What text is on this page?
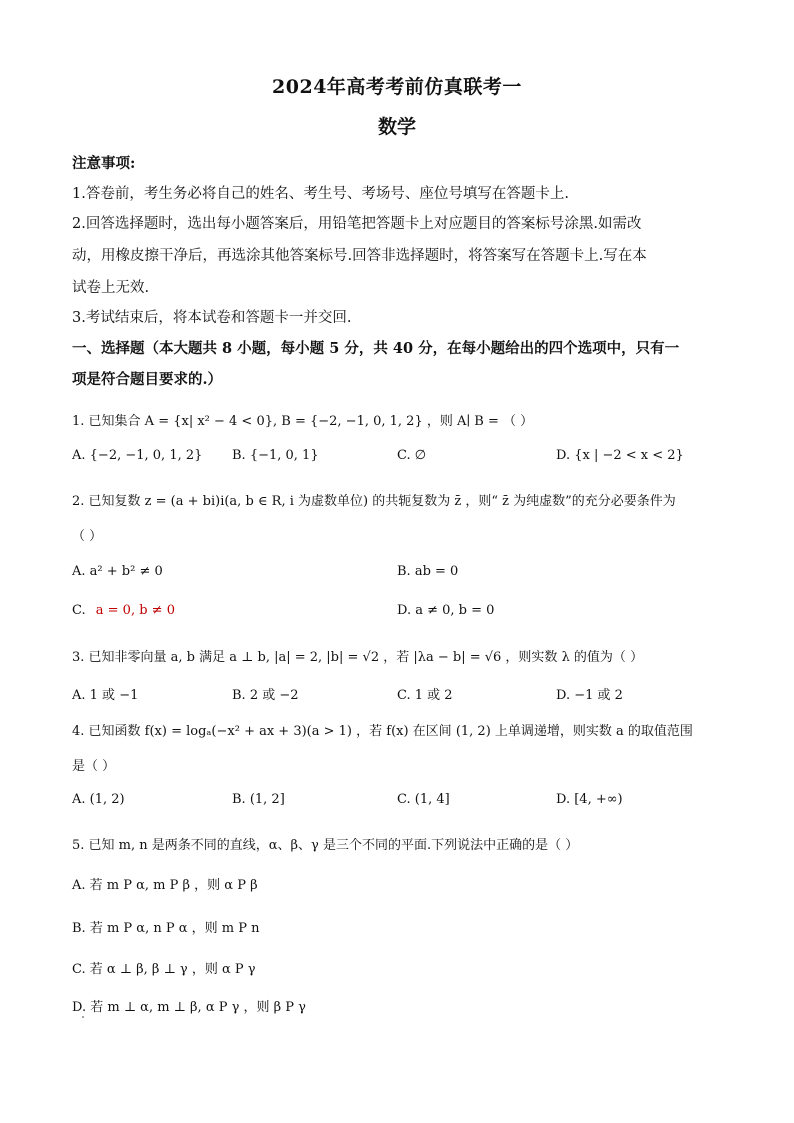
2024年高考考前仿真联考一
数学
注意事项:
1.答卷前，考生务必将自己的姓名、考生号、考场号、座位号填写在答题卡上.
2.回答选择题时，选出每小题答案后，用铅笔把答题卡上对应题目的答案标号涂黑.如需改
动，用橡皮擦干净后，再选涂其他答案标号.回答非选择题时，将答案写在答题卡上.写在本
试卷上无效.
3.考试结束后，将本试卷和答题卡一并交回.
一、选择题（本大题共 8 小题，每小题 5 分，共 40 分，在每小题给出的四个选项中，只有一
项是符合题目要求的.）
1. 已知集合 A = {x| x² − 4 < 0}, B = {−2, −1, 0, 1, 2} ，则 A∣ B = （ ）
A. {−2, −1, 0, 1, 2} B. {−1, 0, 1}	C. ∅	D. {x | −2 < x < 2}
2. 已知复数 z = (a + bi)i(a, b ∈ R, i 为虚数单位) 的共轭复数为 z̄ ，则“ z̄ 为纯虚数”的充分必要条件为
（ ）
A. a² + b² ≠ 0	B. ab = 0
C. a = 0, b ≠ 0	D. a ≠ 0, b = 0
3. 已知非零向量 a, b 满足 a ⊥ b, |a| = 2, |b| = √2 ，若 |λa − b| = √6 ，则实数 λ 的值为（ ）
A. 1 或 −1	B. 2 或 −2	C. 1 或 2	D. −1 或 2
4. 已知函数 f(x) = logₐ(−x² + ax + 3)(a > 1) ，若 f(x) 在区间 (1, 2) 上单调递增，则实数 a 的取值范围
是（ ）
A. (1, 2)	B. (1, 2]	C. (1, 4]	D. [4, +∞)
5. 已知 m, n 是两条不同的直线，α、β、γ 是三个不同的平面.下列说法中正确的是（ ）
A. 若 m P α, m P β ，则 α P β
B. 若 m P α, n P α ，则 m P n
C. 若 α ⊥ β, β ⊥ γ ，则 α P γ
D. 若 m ⊥ α, m ⊥ β, α P γ ，则 β P γ
